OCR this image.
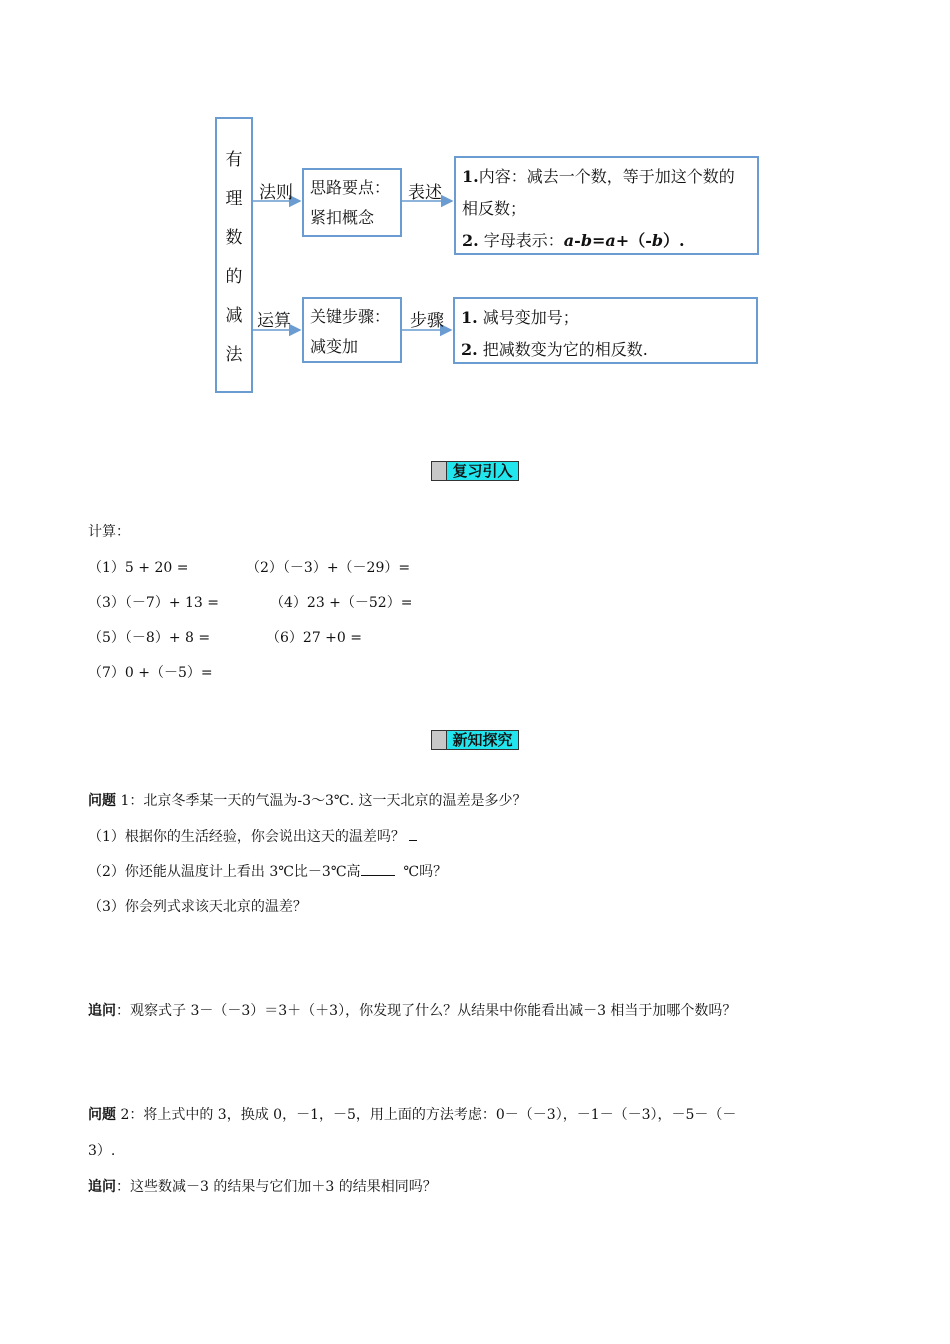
有
理
数
的
减
法
法则 思路要点：
紧扣概念
表述
1.内容：减去一个数，等于加这个数的
相反数；
2. 字母表示：a-b=a+（-b）.
运算 关键步骤：
减变加
步骤 1. 减号变加号；
2. 把减数变为它的相反数.
复习引入
计算：
（1）5 + 20 =	（2）（－3）+（－29）=
（3）（－7）+ 13 =	（4）23 +（－52）=
（5）（－8）+ 8 =	（6）27 +0 =
（7）0 +（－5）=
新知探究
问题 1：北京冬季某一天的气温为-3～3℃. 这一天北京的温差是多少？
（1）根据你的生活经验，你会说出这天的温差吗？
（2）你还能从温度计上看出 3℃比－3℃高	℃吗？
（3）你会列式求该天北京的温差？
追问：观察式子 3－（－3）＝3＋（＋3），你发现了什么？从结果中你能看出减－3 相当于加哪个数吗？
问题 2：将上式中的 3，换成 0，－1，－5，用上面的方法考虑：0－（－3），－1－（－3），－5－（－
3）.
追问：这些数减－3 的结果与它们加＋3 的结果相同吗？
